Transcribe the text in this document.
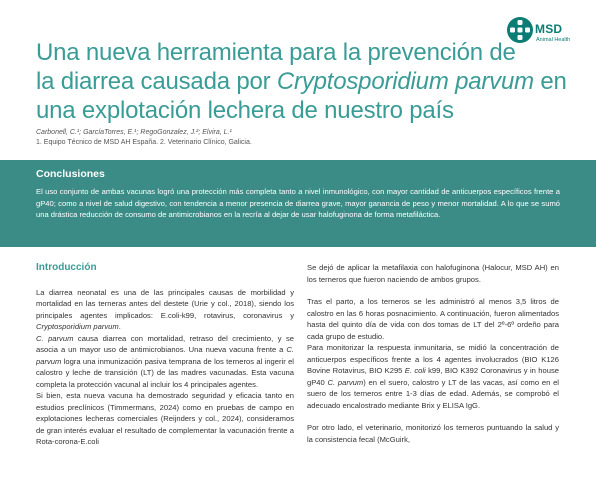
MSD
Animal Health
Una nueva herramienta para la prevención de
la diarrea causada por Cryptosporidium parvum en
una explotación lechera de nuestro país
Carbonell, C.¹; GarcíaTorres, E.¹; RegoGonzalez, J.²; Elvira, L.¹
1. Equipo Técnico de MSD AH España. 2. Veterinario Clínico, Galicia.
Conclusiones

El uso conjunto de ambas vacunas logró una protección más completa tanto a nivel inmunológico, con mayor cantidad de anticuerpos específicos frente a gP40; como a nivel de salud digestivo, con tendencia a menor presencia de diarrea grave, mayor ganancia de peso y menor mortalidad. A lo que se sumó una drástica reducción de consumo de antimicrobianos en la recría al dejar de usar halofuginona de forma metafiláctica.

Introducción

La diarrea neonatal es una de las principales causas de morbilidad y mortalidad en las terneras antes del destete (Urie y col., 2018), siendo los principales agentes implicados: E.coli-k99, rotavirus, coronavirus y Cryptosporidium parvum.

C. parvum causa diarrea con mortalidad, retraso del crecimiento, y se asocia a un mayor uso de antimicrobianos. Una nueva vacuna frente a C. parvum logra una inmunización pasiva temprana de los terneros al ingerir el calostro y leche de transición (LT) de las madres vacunadas. Esta vacuna completa la protección vacunal al incluir los 4 principales agentes.

Si bien, esta nueva vacuna ha demostrado seguridad y eficacia tanto en estudios preclínicos (Timmermans, 2024) como en pruebas de campo en explotaciones lecheras comerciales (Reijnders y col., 2024), consideramos de gran interés evaluar el resultado de complementar la vacunación frente a Rota-corona-E.coli

Se dejó de aplicar la metafilaxia con halofuginona (Halocur, MSD AH) en los terneros que fueron naciendo de ambos grupos.

Tras el parto, a los terneros se les administró al menos 3,5 litros de calostro en las 6 horas posnacimiento. A continuación, fueron alimentados hasta del quinto día de vida con dos tomas de LT del 2º-6º ordeño para cada grupo de estudio.

Para monitorizar la respuesta inmunitaria, se midió la concentración de anticuerpos específicos frente a los 4 agentes involucrados (BIO K126 Bovine Rotavirus, BIO K295 E. coli k99, BIO K392 Coronavirus y in house gP40 C. parvum) en el suero, calostro y LT de las vacas, así como en el suero de los terneros entre 1-3 días de edad. Además, se comprobó el adecuado encalostrado mediante Brix y ELISA IgG.

Por otro lado, el veterinario, monitorizó los terneros puntuando la salud y la consistencia fecal (McGuirk,
